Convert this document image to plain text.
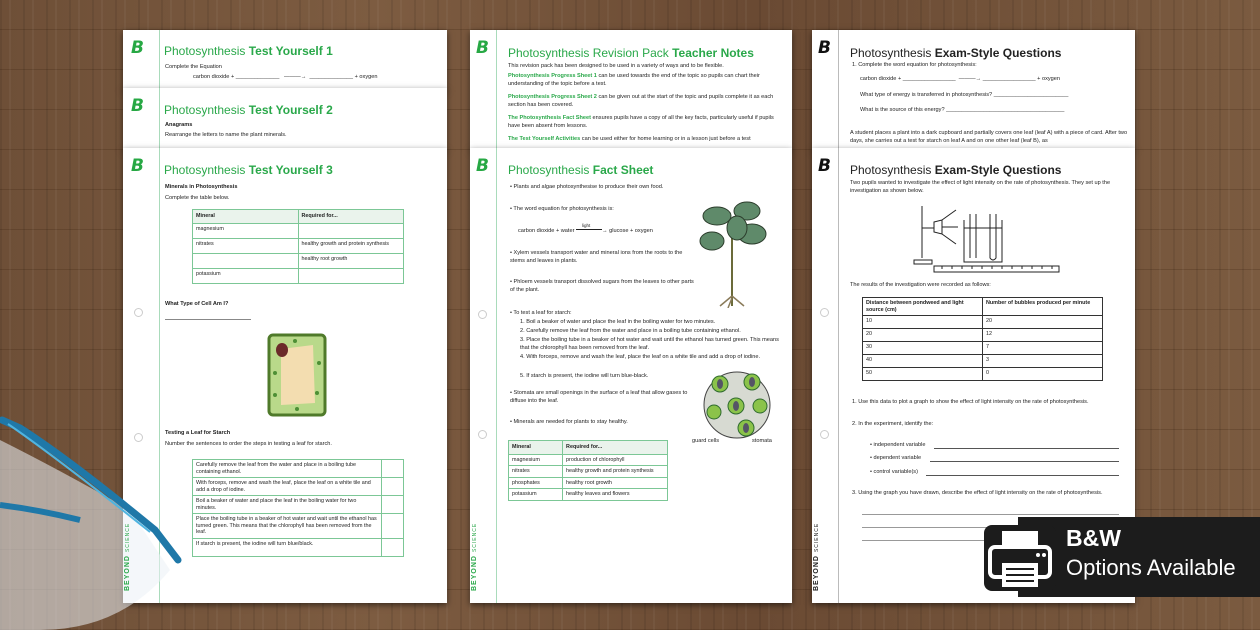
B Photosynthesis Test Yourself 1
Complete the Equation
carbon dioxide + ______________   ———→  ______________ + oxygen
B Photosynthesis Test Yourself 2
Anagrams
Rearrange the letters to name the plant minerals.
B Photosynthesis Test Yourself 3
Minerals in Photosynthesis
Complete the table below.
Mineral	Required for...
magnesium	
nitrates	healthy growth and protein synthesis
	healthy root growth
potassium	
What Type of Cell Am I?
Testing a Leaf for Starch
Number the sentences to order the steps in testing a leaf for starch.
Carefully remove the leaf from the water and place in a boiling tube containing ethanol.	
With forceps, remove and wash the leaf, place the leaf on a white tile and add a drop of iodine.	
Boil a beaker of water and place the leaf in the boiling water for two minutes.	
Place the boiling tube in a beaker of hot water and wait until the ethanol has turned green. This means that the chlorophyll has been removed from the leaf.	
If starch is present, the iodine will turn blue/black.	
BEYONDSCIENCE
B Photosynthesis Revision Pack Teacher Notes
This revision pack has been designed to be used in a variety of ways and to be flexible.
Photosynthesis Progress Sheet 1 can be used towards the end of the topic so pupils can chart their understanding of the topic before a test.
Photosynthesis Progress Sheet 2 can be given out at the start of the topic and pupils complete it as each section has been covered.
The Photosynthesis Fact Sheet ensures pupils have a copy of all the key facts, particularly useful if pupils have been absent from lessons.
The Test Yourself Activities can be used either for home learning or in a lesson just before a test
B Photosynthesis Fact Sheet
• Plants and algae photosynthesise to produce their own food.
• The word equation for photosynthesis is:
carbon dioxide + water
light
→ glucose + oxygen
• Xylem vessels transport water and mineral ions from the roots to the stems and leaves in plants.
• Phloem vessels transport dissolved sugars from the leaves to other parts of the plant.
• To test a leaf for starch:
1. Boil a beaker of water and place the leaf in the boiling water for two minutes.
2. Carefully remove the leaf from the water and place in a boiling tube containing ethanol.
3. Place the boiling tube in a beaker of hot water and wait until the ethanol has turned green. This means that the chlorophyll has been removed from the leaf.
4. With forceps, remove and wash the leaf, place the leaf on a white tile and add a drop of iodine.
5. If starch is present, the iodine will turn blue-black.
• Stomata are small openings in the surface of a leaf that allow gases to diffuse into the leaf.
• Minerals are needed for plants to stay healthy.
guard cells	stomata
Mineral	Required for...
magnesium	production of chlorophyll
nitrates	healthy growth and protein synthesis
phosphates	healthy root growth
potassium	healthy leaves and flowers
BEYONDSCIENCE
B Photosynthesis Exam-Style Questions
1. Complete the word equation for photosynthesis:
carbon dioxide + _________________  ———→ _________________ + oxygen
What type of energy is transferred in photosynthesis? ________________________
What is the source of this energy? ______________________________________
A student places a plant into a dark cupboard and partially covers one leaf (leaf A) with a piece of card. After two days, she carries out a test for starch on leaf A and on one other leaf (leaf B), as
B Photosynthesis Exam-Style Questions
Two pupils wanted to investigate the effect of light intensity on the rate of photosynthesis. They set up the investigation as shown below.
The results of the investigation were recorded as follows:
Distance between pondweed and light source (cm)	Number of bubbles produced per minute
10	20
20	12
30	7
40	3
50	0
1. Use this data to plot a graph to show the effect of light intensity on the rate of photosynthesis.
2. In the experiment, identify the:
• independent variable
• dependent variable
• control variable(s)
3. Using the graph you have drawn, describe the effect of light intensity on the rate of photosynthesis.
BEYONDSCIENCE	B&W
Options Available
